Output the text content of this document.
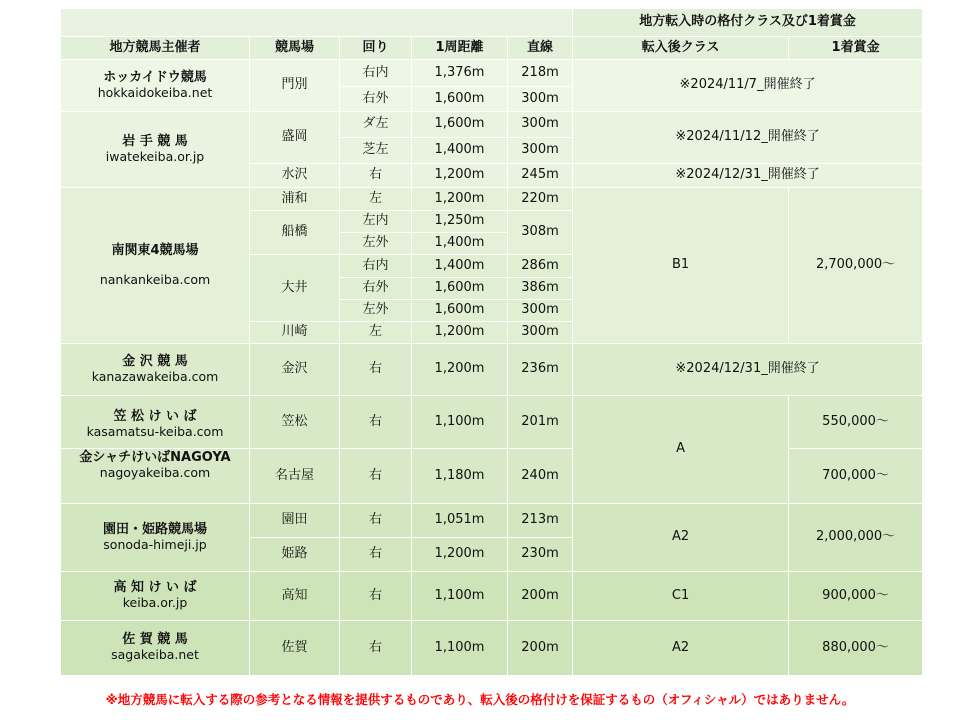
					地方転入時の格付クラス及び1着賞金	
地方競馬主催者	競馬場	回り	1周距離	直線	転入後クラス	1着賞金

ホッカイドウ競馬
hokkaidokeiba.net	門別	右内	1,376m	218m	※2024/11/7_開催終了	
		右外	1,600m	300m		

岩 手 競 馬
iwatekeiba.or.jp	盛岡	ダ左	1,600m	300m	※2024/11/12_開催終了	
		芝左	1,400m	300m		
	水沢	右	1,200m	245m	※2024/12/31_開催終了	

南関東4競馬場
nankankeiba.com	浦和	左	1,200m	220m	B1	2,700,000～
	船橋	左内	1,250m	308m		
		左外	1,400m			
	大井	右内	1,400m	286m		
		右外	1,600m	386m		
		左外	1,600m	300m		
	川崎	左	1,200m	300m		

金 沢 競 馬
kanazawakeiba.com	金沢	右	1,200m	236m	※2024/12/31_開催終了	

笠 松 け い ば
kasamatsu-keiba.com	笠松	右	1,100m	201m	A	550,000～

金シャチけいばNAGOYA
nagoyakeiba.com	名古屋	右	1,180m	240m		700,000～

園田・姫路競馬場
sonoda-himeji.jp	園田	右	1,051m	213m	A2	2,000,000～
	姫路	右	1,200m	230m		

高 知 け い ば
keiba.or.jp	高知	右	1,100m	200m	C1	900,000～

佐 賀 競 馬
sagakeiba.net	佐賀	右	1,100m	200m	A2	880,000～
※地方競馬に転入する際の参考となる情報を提供するものであり、転入後の格付けを保証するもの（オフィシャル）ではありません。
